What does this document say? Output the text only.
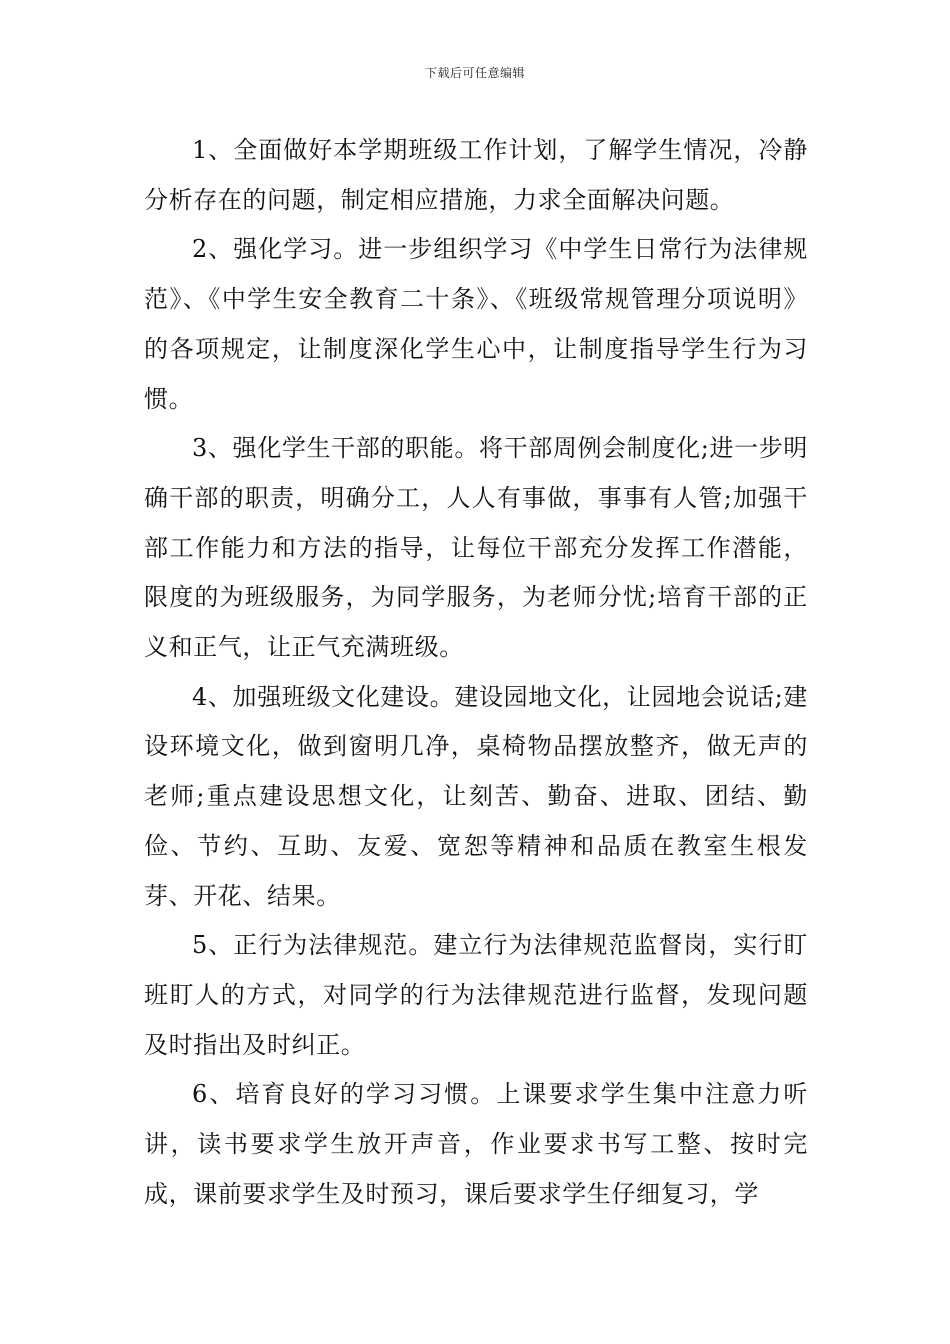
下载后可任意编辑

1、全面做好本学期班级工作计划，了解学生情况，冷静分析存在的问题，制定相应措施，力求全面解决问题。

2、强化学习。进一步组织学习《中学生日常行为法律规范》、《中学生安全教育二十条》、《班级常规管理分项说明》的各项规定，让制度深化学生心中，让制度指导学生行为习惯。

3、强化学生干部的职能。将干部周例会制度化;进一步明确干部的职责，明确分工，人人有事做，事事有人管;加强干部工作能力和方法的指导，让每位干部充分发挥工作潜能，限度的为班级服务，为同学服务，为老师分忧;培育干部的正义和正气，让正气充满班级。

4、加强班级文化建设。建设园地文化，让园地会说话;建设环境文化，做到窗明几净，桌椅物品摆放整齐，做无声的老师;重点建设思想文化，让刻苦、勤奋、进取、团结、勤俭、节约、互助、友爱、宽恕等精神和品质在教室生根发芽、开花、结果。

5、正行为法律规范。建立行为法律规范监督岗，实行盯班盯人的方式，对同学的行为法律规范进行监督，发现问题及时指出及时纠正。

6、培育良好的学习习惯。上课要求学生集中注意力听讲，读书要求学生放开声音，作业要求书写工整、按时完成，课前要求学生及时预习，课后要求学生仔细复习，学
